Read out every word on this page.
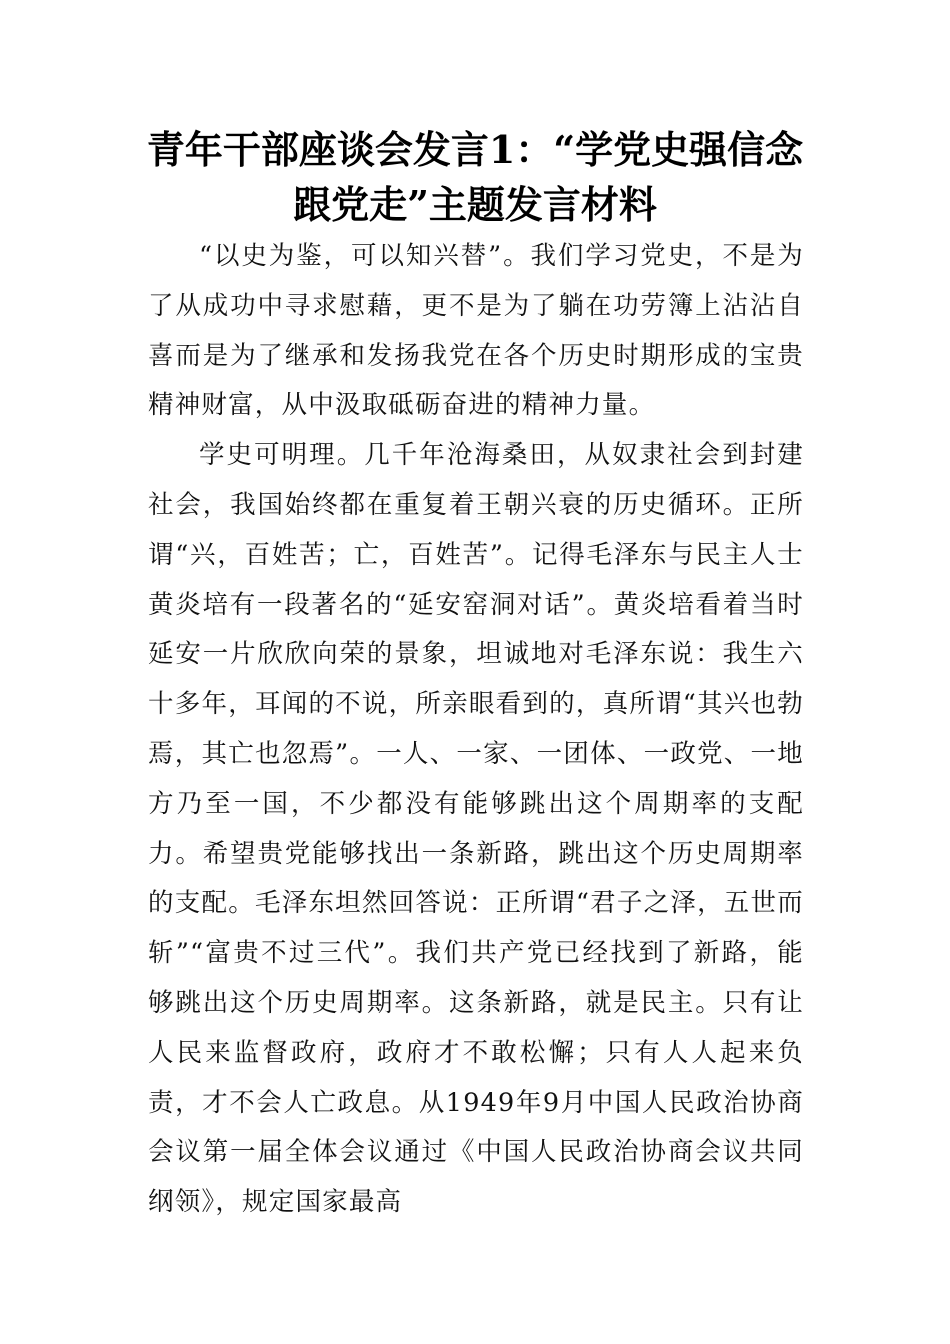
青年干部座谈会发言1：“学党史强信念跟党走”主题发言材料

“以史为鉴，可以知兴替”。我们学习党史，不是为了从成功中寻求慰藉，更不是为了躺在功劳簿上沾沾自喜而是为了继承和发扬我党在各个历史时期形成的宝贵精神财富，从中汲取砥砺奋进的精神力量。

学史可明理。几千年沧海桑田，从奴隶社会到封建社会，我国始终都在重复着王朝兴衰的历史循环。正所谓“兴，百姓苦；亡，百姓苦”。记得毛泽东与民主人士黄炎培有一段著名的“延安窑洞对话”。黄炎培看着当时延安一片欣欣向荣的景象，坦诚地对毛泽东说：我生六十多年，耳闻的不说，所亲眼看到的，真所谓“其兴也勃焉，其亡也忽焉”。一人、一家、一团体、一政党、一地方乃至一国，不少都没有能够跳出这个周期率的支配力。希望贵党能够找出一条新路，跳出这个历史周期率的支配。毛泽东坦然回答说：正所谓“君子之泽，五世而斩”“富贵不过三代”。我们共产党已经找到了新路，能够跳出这个历史周期率。这条新路，就是民主。只有让人民来监督政府，政府才不敢松懈；只有人人起来负责，才不会人亡政息。从1949年9月中国人民政治协商会议第一届全体会议通过《中国人民政治协商会议共同纲领》，规定国家最高
